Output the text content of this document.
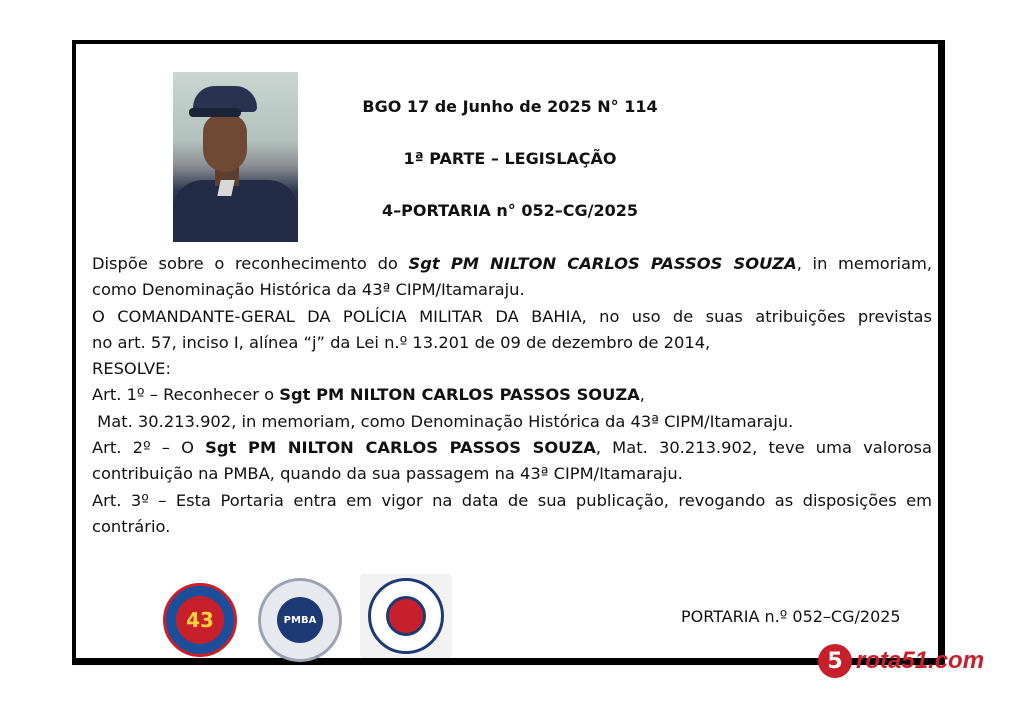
BGO 17 de Junho de 2025 N° 114
1ª PARTE – LEGISLAÇÃO
4–PORTARIA n° 052–CG/2025

Dispõe sobre o reconhecimento do Sgt PM NILTON CARLOS PASSOS SOUZA, in memoriam,

como Denominação Histórica da 43ª CIPM/Itamaraju.

O COMANDANTE-GERAL DA POLÍCIA MILITAR DA BAHIA, no uso de suas atribuições previstas

no art. 57, inciso I, alínea “j” da Lei n.º 13.201 de 09 de dezembro de 2014,

RESOLVE:

Art. 1º – Reconhecer o Sgt PM NILTON CARLOS PASSOS SOUZA,

Mat. 30.213.902, in memoriam, como Denominação Histórica da 43ª CIPM/Itamaraju.

Art. 2º – O Sgt PM NILTON CARLOS PASSOS SOUZA, Mat. 30.213.902, teve uma valorosa

contribuição na PMBA, quando da sua passagem na 43ª CIPM/Itamaraju.

Art. 3º – Esta Portaria entra em vigor na data de sua publicação, revogando as disposições em

contrário.

43	PMBA	PORTARIA n.º 052–CG/2025
5 rota51.com
